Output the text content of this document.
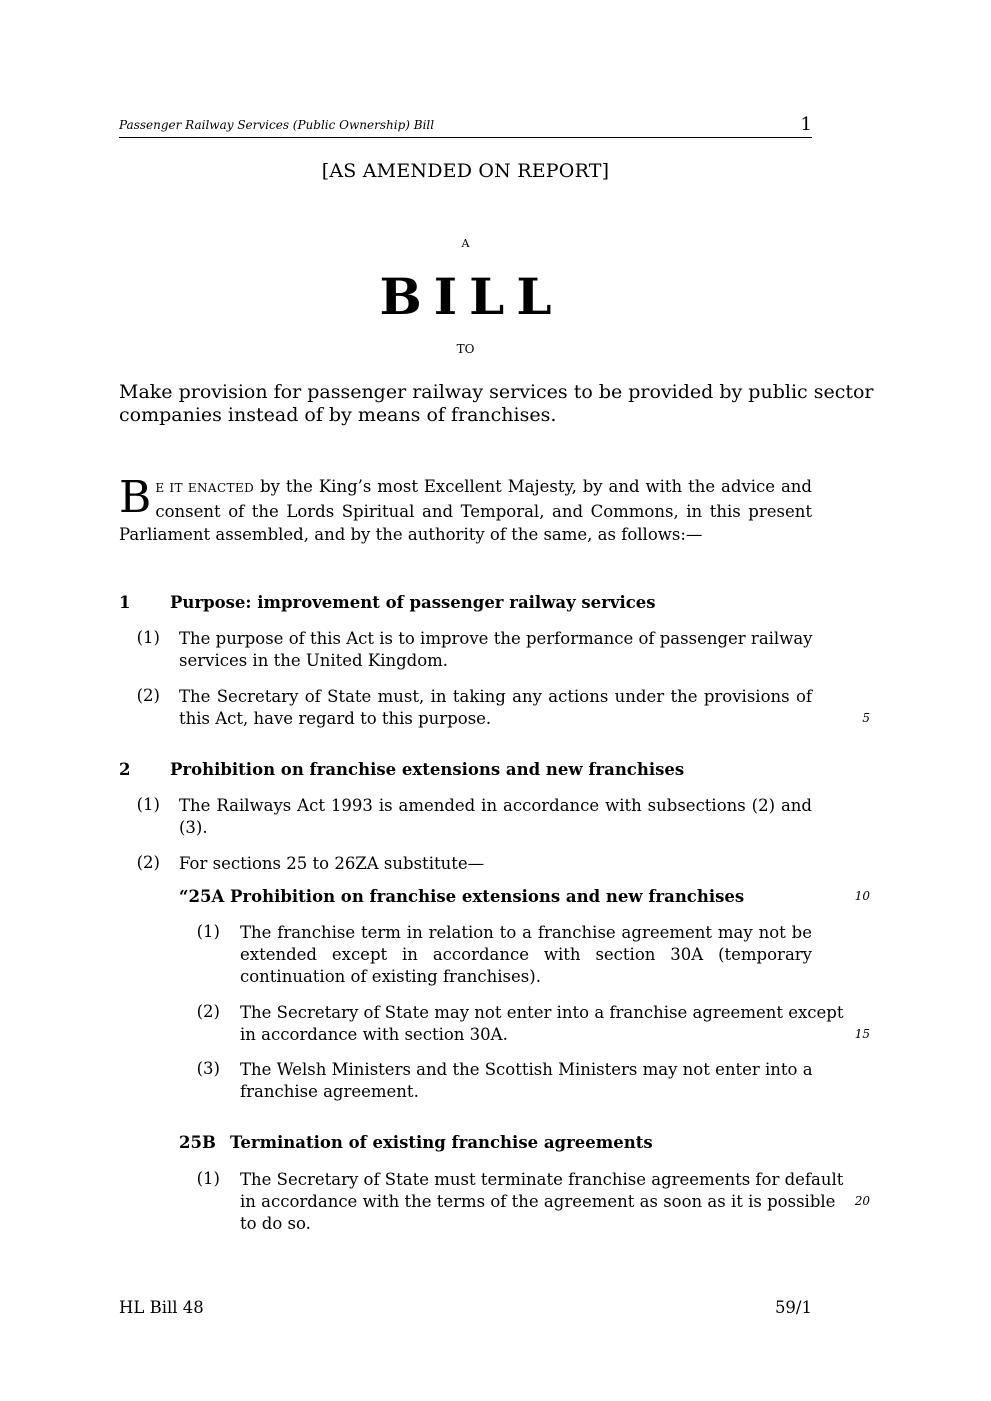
Passenger Railway Services (Public Ownership) Bill	1
[AS AMENDED ON REPORT]
A
BILL
TO
Make provision for passenger railway services to be provided by public sector
companies instead of by means of franchises.
B E IT ENACTED by the King’s most Excellent Majesty, by and with the advice and
consent of the Lords Spiritual and Temporal, and Commons, in this present
Parliament assembled, and by the authority of the same, as follows:—
1 Purpose: improvement of passenger railway services
(1) The purpose of this Act is to improve the performance of passenger railway
services in the United Kingdom.
(2) The Secretary of State must, in taking any actions under the provisions of
this Act, have regard to this purpose.	5
2 Prohibition on franchise extensions and new franchises
(1) The Railways Act 1993 is amended in accordance with subsections (2) and
(3).
(2) For sections 25 to 26ZA substitute—
“25A Prohibition on franchise extensions and new franchises	10
(1) The franchise term in relation to a franchise agreement may not be
extended except in accordance with section 30A (temporary
continuation of existing franchises).
(2) The Secretary of State may not enter into a franchise agreement except
in accordance with section 30A.	15
(3) The Welsh Ministers and the Scottish Ministers may not enter into a
franchise agreement.
25B Termination of existing franchise agreements
(1) The Secretary of State must terminate franchise agreements for default
in accordance with the terms of the agreement as soon as it is possible
to do so.
20
HL Bill 48	59/1
